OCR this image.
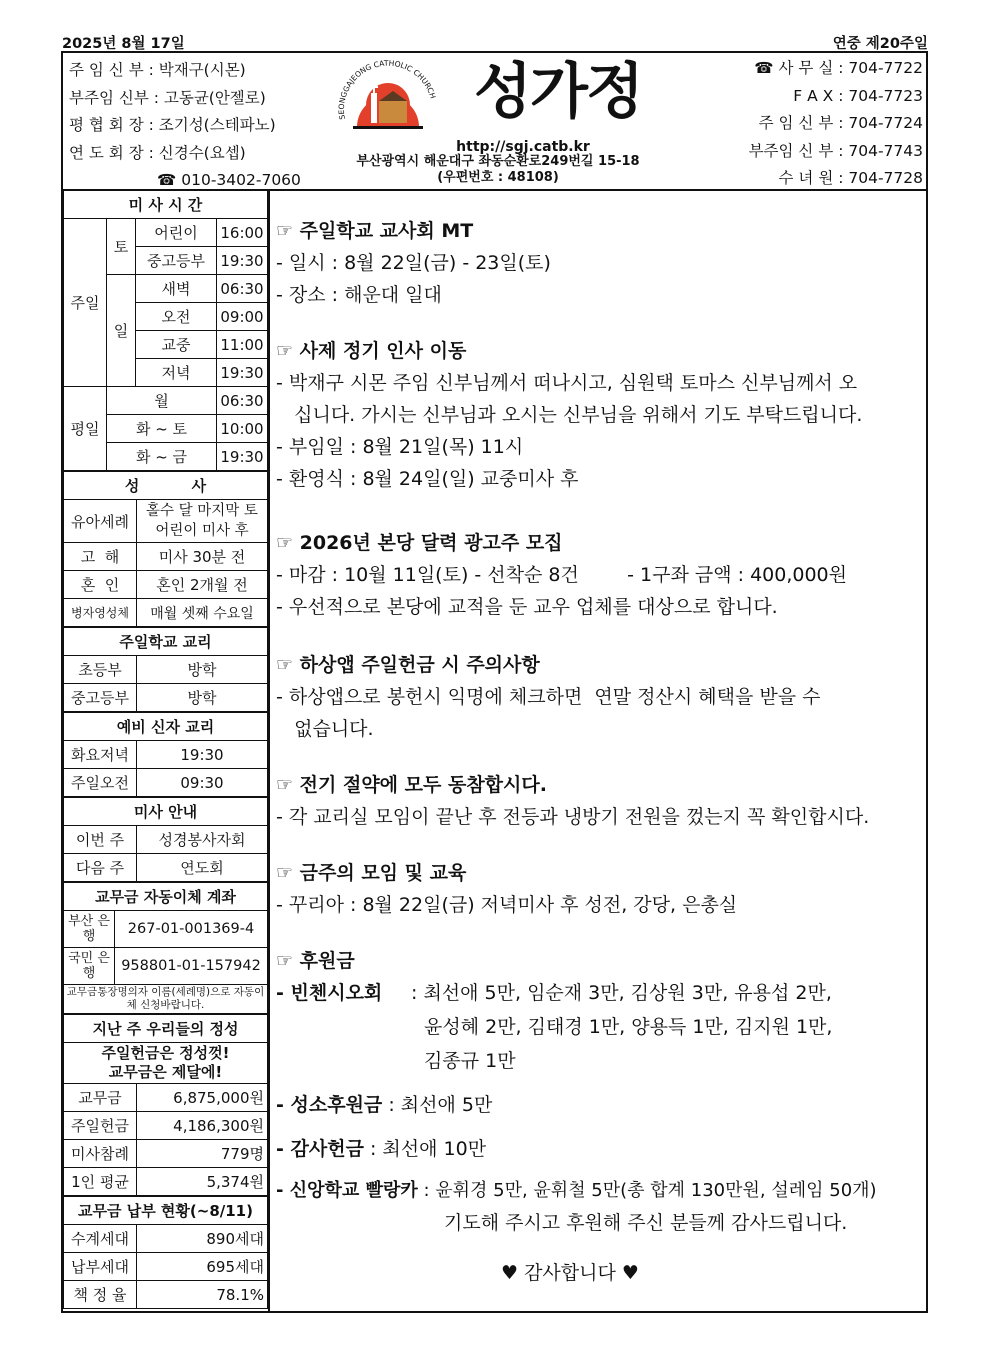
2025년 8월 17일	연중 제20주일
주 임 신 부 : 박재구(시몬)
부주임 신부 : 고동균(안젤로)
평 협 회 장 : 조기성(스테파노)
연 도 회 장 : 신경수(요셉)
☎ 010-3402-7060
SEONGGAJEONG CATHOLIC CHURCH 성가정
http://sgj.catb.kr
부산광역시 해운대구 좌동순환로249번길 15-18
(우편번호 : 48108)
☎ 사 무 실 : 704-7722
F A X : 704-7723
주 임 신 부 : 704-7724
부주임 신 부 : 704-7743
수 녀 원 : 704-7728
미 사 시 간			
주일	토	어린이	16:00
		중고등부	19:30
	일	새벽	06:30
		오전	09:00
		교중	11:00
		저녁	19:30
평일	월		06:30
	화 ~ 토		10:00
	화 ~ 금		19:30
성          사	
유아세례	홀수 달 마지막 토 어린이 미사 후
고  해	미사 30분 전
혼  인	혼인 2개월 전
병자영성체	매월 셋째 수요일
주일학교 교리	
초등부	방학
중고등부	방학
예비 신자 교리	
화요저녁	19:30
주일오전	09:30
미사 안내	
이번 주	성경봉사자회
다음 주	연도회
교무금 자동이체 계좌	
부산 은행	267-01-001369-4
국민 은행	958801-01-157942
교무금통장명의자 이름(세례명)으로 자동이체 신청바랍니다.	
지난 주 우리들의 정성	

주일헌금은 정성껏!
교무금은 제달에!	

교무금	6,875,000원
주일헌금	4,186,300원
미사참례	779명
1인 평균	5,374원
교무금 납부 현황(~8/11)	
수계세대	890세대
납부세대	695세대
책 정 율	78.1%
☞ 주일학교 교사회 MT
- 일시 : 8월 22일(금) - 23일(토)
- 장소 : 해운대 일대
☞ 사제 정기 인사 이동
- 박재구 시몬 주임 신부님께서 떠나시고, 심원택 토마스 신부님께서 오
십니다. 가시는 신부님과 오시는 신부님을 위해서 기도 부탁드립니다.
- 부임일 : 8월 21일(목) 11시
- 환영식 : 8월 24일(일) 교중미사 후
☞ 2026년 본당 달력 광고주 모집
- 마감 : 10월 11일(토) - 선착순 8건        - 1구좌 금액 : 400,000원
- 우선적으로 본당에 교적을 둔 교우 업체를 대상으로 합니다.
☞ 하상앱 주일헌금 시 주의사항
- 하상앱으로 봉헌시 익명에 체크하면  연말 정산시 혜택을 받을 수
없습니다.
☞ 전기 절약에 모두 동참합시다.
- 각 교리실 모임이 끝난 후 전등과 냉방기 전원을 껐는지 꼭 확인합시다.
☞ 금주의 모임 및 교육
- 꾸리아 : 8월 22일(금) 저녁미사 후 성전, 강당, 은총실
☞ 후원금
- 빈첸시오회 : 최선애 5만, 임순재 3만, 김상원 3만, 유용섭 2만,
윤성혜 2만, 김태경 1만, 양용득 1만, 김지원 1만,
김종규 1만
- 성소후원금 : 최선애 5만
- 감사헌금 : 최선애 10만
- 신앙학교 빨랑카 : 윤휘경 5만, 윤휘철 5만(총 합계 130만원, 설레임 50개)
기도해 주시고 후원해 주신 분들께 감사드립니다.
♥ 감사합니다 ♥
